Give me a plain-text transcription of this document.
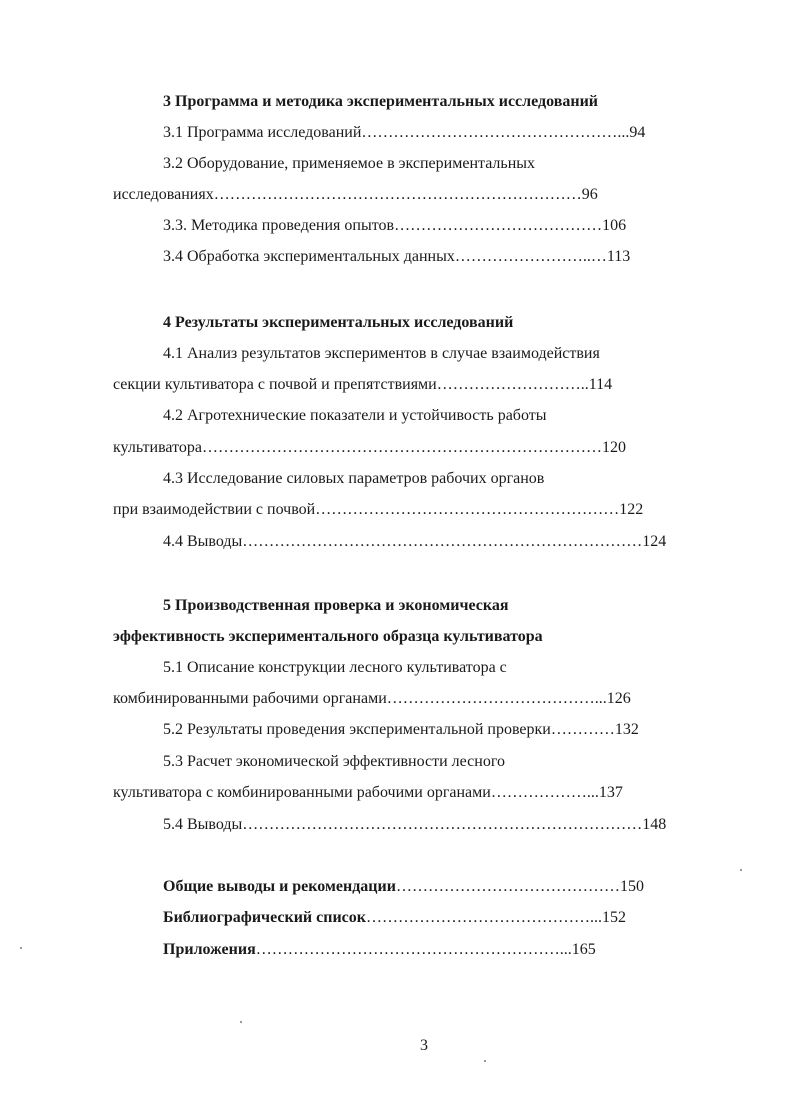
3 Программа и методика экспериментальных исследований
3.1 Программа исследований…………………………………………...94
3.2 Оборудование, применяемое в экспериментальных
исследованиях……………………………………………………………96
3.3. Методика проведения опытов…………………………………106
3.4 Обработка экспериментальных данных……………………..…113
4 Результаты экспериментальных исследований
4.1 Анализ результатов экспериментов в случае взаимодействия
секции культиватора с почвой и препятствиями………………………..114
4.2 Агротехнические показатели и устойчивость работы
культиватора…………………………………………………………………120
4.3 Исследование силовых параметров рабочих органов
при взаимодействии с почвой…………………………………………………122
4.4 Выводы…………………………………………………………………124
5 Производственная проверка и экономическая
эффективность экспериментального образца культиватора
5.1 Описание конструкции лесного культиватора с
комбинированными рабочими органами…………………………………...126
5.2 Результаты проведения экспериментальной проверки…………132
5.3 Расчет экономической эффективности лесного
культиватора с комбинированными рабочими органами………………...137
5.4 Выводы…………………………………………………………………148
Общие выводы и рекомендации……………………………………150
Библиографический список……………………………………...152
Приложения…………………………………………………...165
3
